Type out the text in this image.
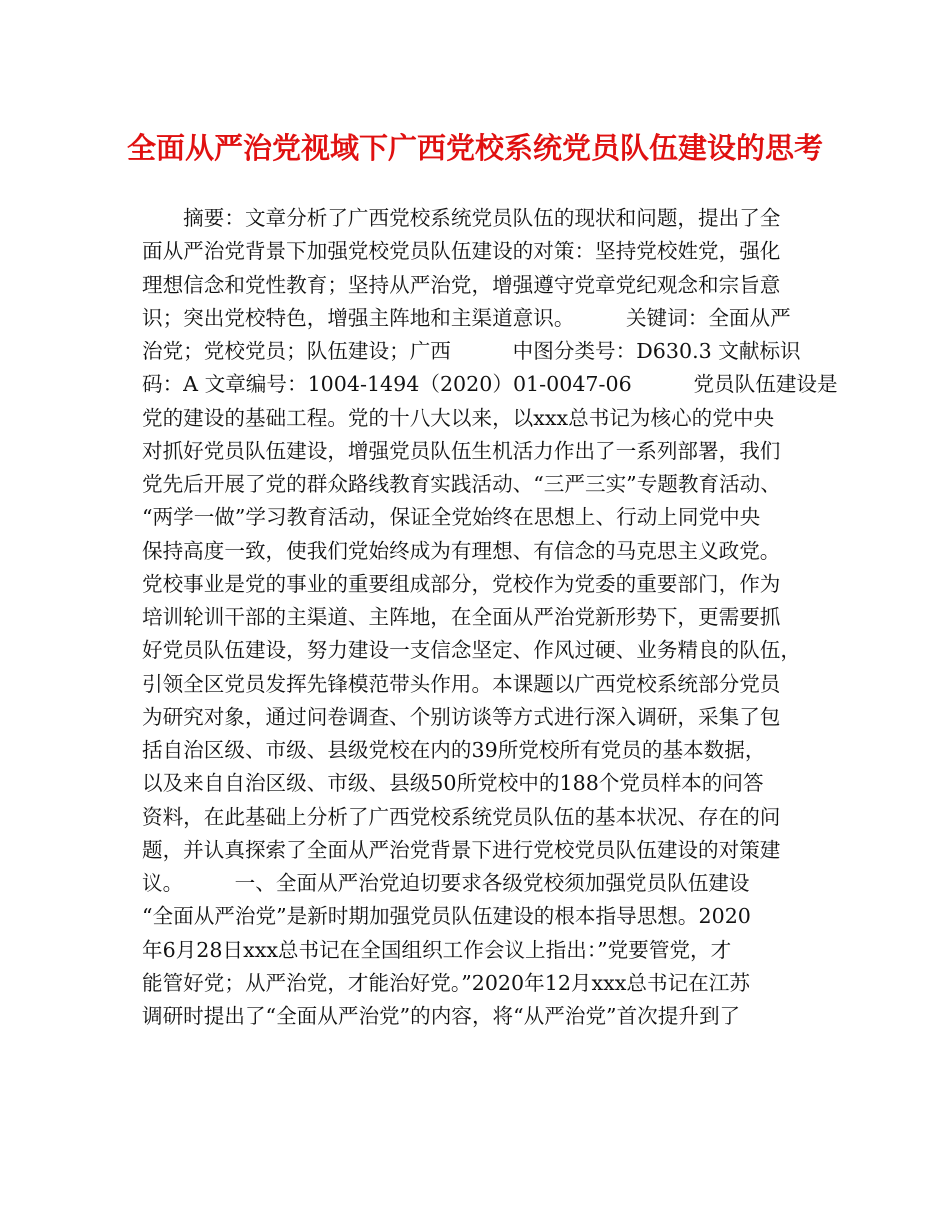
全面从严治党视域下广西党校系统党员队伍建设的思考
　　摘要：文章分析了广西党校系统党员队伍的现状和问题，提出了全
面从严治党背景下加强党校党员队伍建设的对策：坚持党校姓党，强化
理想信念和党性教育；坚持从严治党，增强遵守党章党纪观念和宗旨意
识；突出党校特色，增强主阵地和主渠道意识。　　　关键词：全面从严
治党；党校党员；队伍建设；广西　　　中图分类号：D630.3 文献标识
码：A 文章编号：1004-1494（2020）01-0047-06　　　党员队伍建设是
党的建设的基础工程。党的十八大以来，以xxx总书记为核心的党中央
对抓好党员队伍建设，增强党员队伍生机活力作出了一系列部署，我们
党先后开展了党的群众路线教育实践活动、“三严三实”专题教育活动、
“两学一做”学习教育活动，保证全党始终在思想上、行动上同党中央
保持高度一致，使我们党始终成为有理想、有信念的马克思主义政党。
党校事业是党的事业的重要组成部分，党校作为党委的重要部门，作为
培训轮训干部的主渠道、主阵地，在全面从严治党新形势下，更需要抓
好党员队伍建设，努力建设一支信念坚定、作风过硬、业务精良的队伍，
引领全区党员发挥先锋模范带头作用。本课题以广西党校系统部分党员
为研究对象，通过问卷调查、个别访谈等方式进行深入调研，采集了包
括自治区级、市级、县级党校在内的39所党校所有党员的基本数据，
以及来自自治区级、市级、县级50所党校中的188个党员样本的问答
资料，在此基础上分析了广西党校系统党员队伍的基本状况、存在的问
题，并认真探索了全面从严治党背景下进行党校党员队伍建设的对策建
议。　　　一、全面从严治党迫切要求各级党校须加强党员队伍建设
“全面从严治党”是新时期加强党员队伍建设的根本指导思想。2020
年6月28日xxx总书记在全国组织工作会议上指出：”党要管党，才
能管好党；从严治党，才能治好党。”2020年12月xxx总书记在江苏
调研时提出了“全面从严治党”的内容，将“从严治党”首次提升到了
